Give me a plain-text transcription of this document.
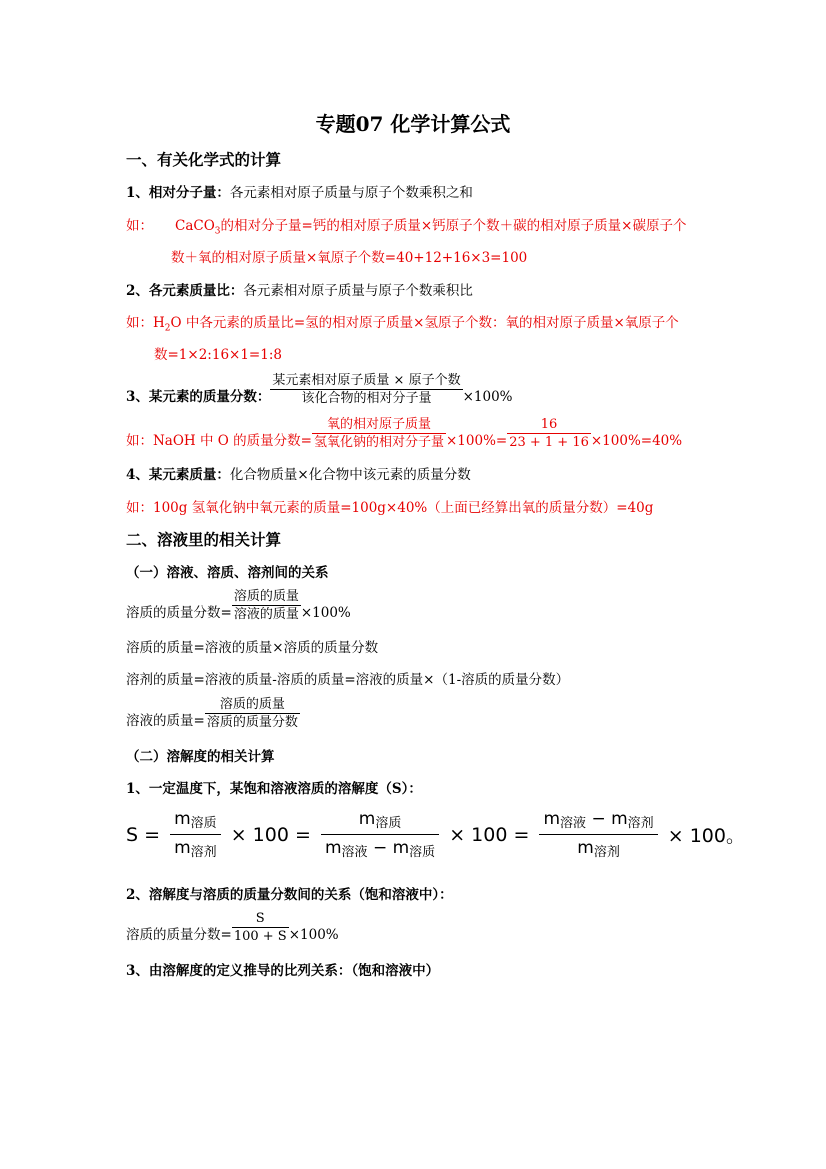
专题07 化学计算公式
一、有关化学式的计算
1、相对分子量：各元素相对原子质量与原子个数乘积之和
如： CaCO$_3$的相对分子量=钙的相对原子质量×钙原子个数＋碳的相对原子质量×碳原子个
数＋氧的相对原子质量×氧原子个数=40+12+16×3=100
2、各元素质量比：各元素相对原子质量与原子个数乘积比
如：$H_2O$ 中各元素的质量比=氢的相对原子质量×氢原子个数：氧的相对原子质量×氧原子个
数=1×2:16×1=1:8
3、某元素的质量分数： $\frac{\text{某元素相对原子质量 × 原子个数}}{\text{该化合物的相对分子量}} \times 100\%$
如：NaOH 中 O 的质量分数= $\frac{\text{氧的相对原子质量}}{\text{氢氧化钠的相对分子量}} \times 100\%= \frac{16}{23 + 1 + 16} \times 100\%=40\%$
4、某元素质量：化合物质量×化合物中该元素的质量分数
如：100g 氢氧化钠中氧元素的质量=100g×40%（上面已经算出氧的质量分数）=40g
二、溶液里的相关计算
（一）溶液、溶质、溶剂间的关系
溶质的质量分数= $\frac{\text{溶质的质量}}{\text{溶液的质量}} \times 100\%$
溶质的质量=溶液的质量×溶质的质量分数
溶剂的质量=溶液的质量-溶质的质量=溶液的质量×（1-溶质的质量分数）
溶液的质量= $\frac{\text{溶质的质量}}{\text{溶质的质量分数}}$
（二）溶解度的相关计算
1、一定温度下，某饱和溶液溶质的溶解度（S）：
$S = \frac{\text{m溶质}}{\text{m溶剂}} \times 100 = \frac{\text{m溶质}}{\text{m溶液 − m溶质}} \times 100 = \frac{\text{m溶液 − m溶剂}}{\text{m溶剂}} \times 100$。
2、溶解度与溶质的质量分数间的关系（饱和溶液中）：
溶质的质量分数= $\frac{S}{100 + S} \times 100\%$
3、由溶解度的定义推导的比列关系：（饱和溶液中）
